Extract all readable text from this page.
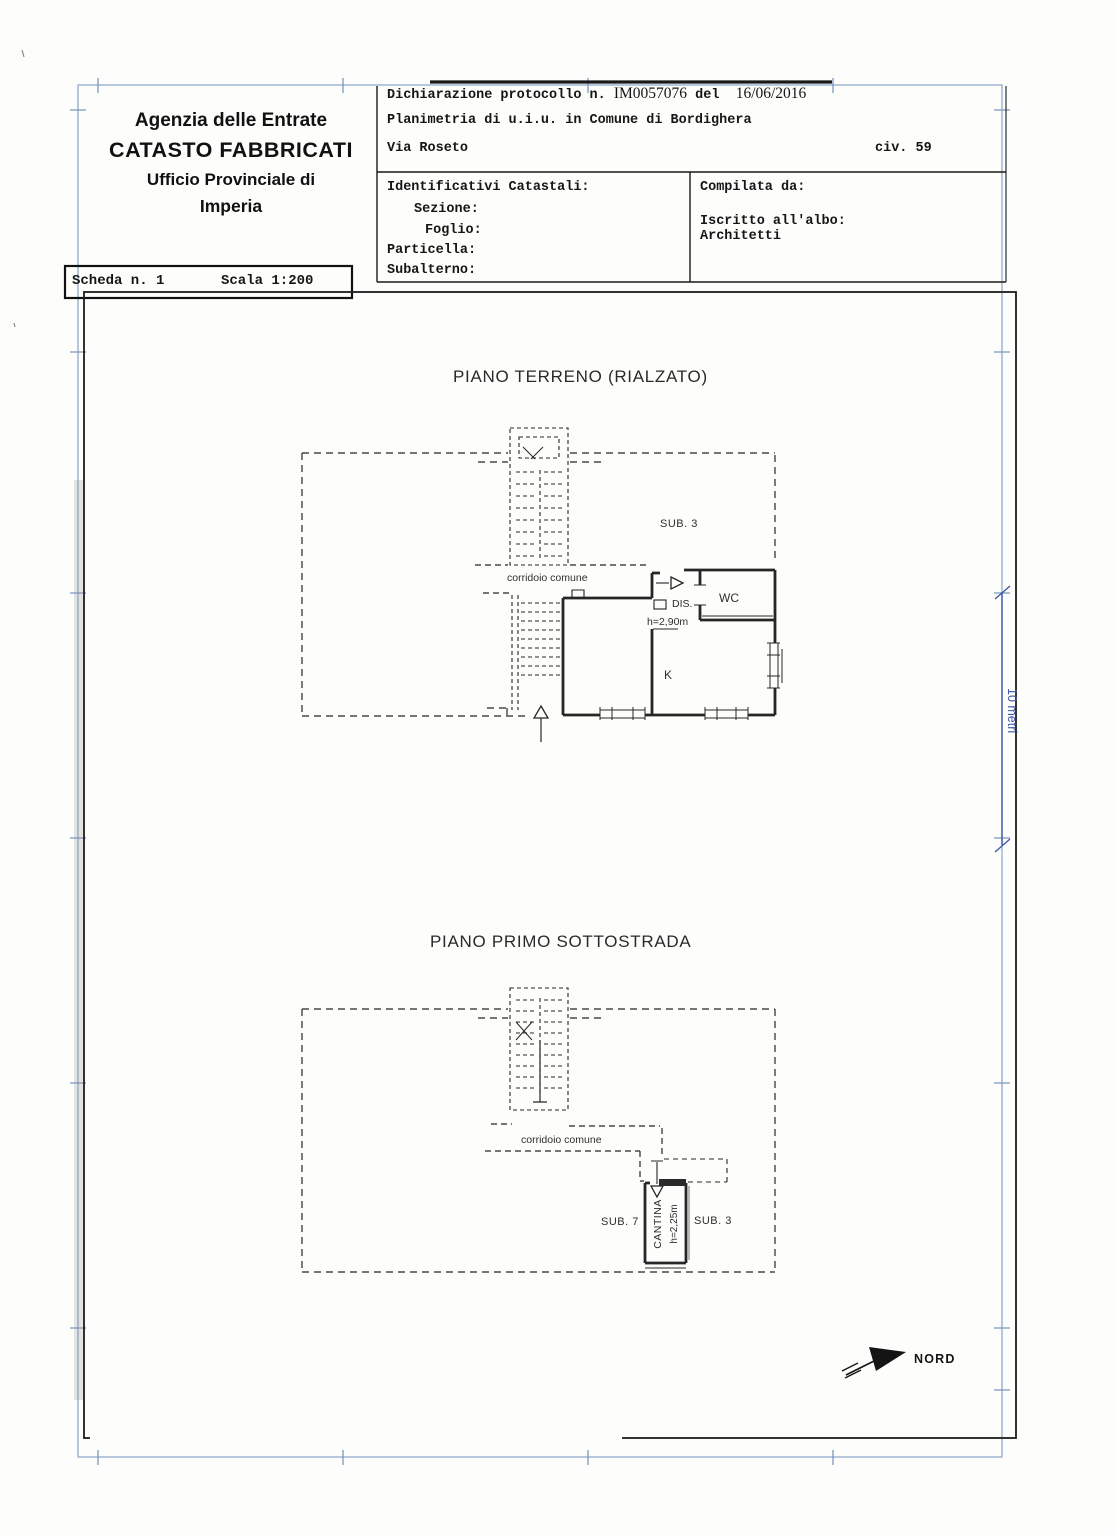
SUB. 3
corridoio comune
DIS. WC
h=2,90m
K
corridoio comune
SUB. 7	SUB. 3
CANTINA h=2,25m
10 metri
NORD
Agenzia delle Entrate
CATASTO FABBRICATI
Ufficio Provinciale di
Imperia
Dichiarazione protocollo n. IM0057076 del 16/06/2016
Planimetria di u.i.u. in Comune di Bordighera
Via Roseto	civ. 59
Identificativi Catastali:
Sezione:
Foglio:
Particella:
Subalterno:
Compilata da:
Iscritto all'albo:
Architetti
Scheda n. 1	Scala 1:200
PIANO TERRENO (RIALZATO)
PIANO PRIMO SOTTOSTRADA
